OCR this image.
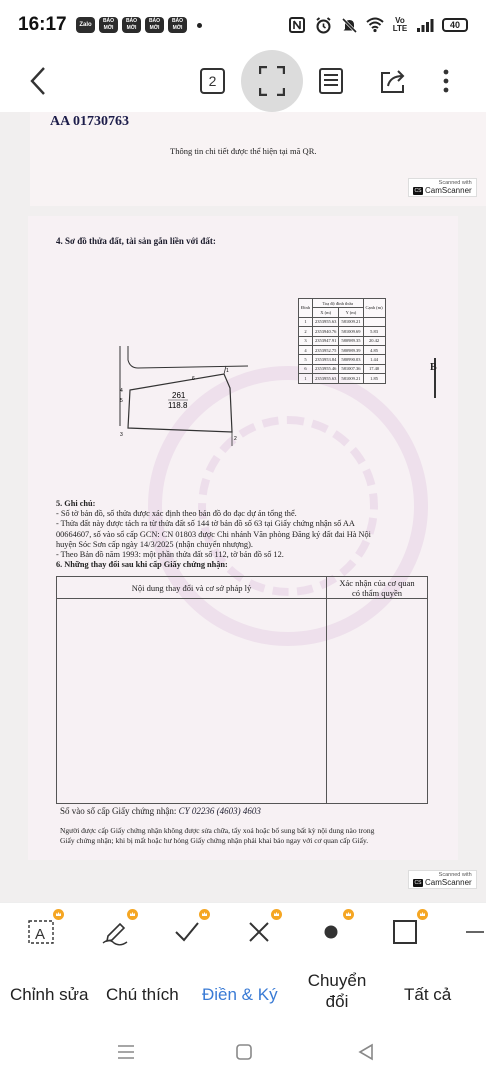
16:17	Zalo
BÁO MỚI
BÁO MỚI
BÁO MỚI
BÁO MỚI
Vo LTE	40
2
AA 01730763
Thông tin chi tiết được thể hiện tại mã QR.
Scanned with
CS CamScanner
4. Sơ đồ thửa đất, tài sản gắn liền với đất:
B
Đỉnh	Toạ độ đỉnh thửa		Cạnh (m)
	X (m)	Y (m)	
1	2353955.63	581009.21	
2	2353940.76	581009.69	5.83
3	2353947.91	580989.35	20.42
4	2353952.75	580989.39	4.85
5	2353953.84	580990.03	1.44
6	2353955.46	581007.36	17.40
1	2353955.63	581009.21	1.85
6
4
5
1
2
3
261
118.8
5. Ghi chú:
- Số tờ bản đồ, số thửa được xác định theo bản đồ đo đạc dự án tổng thể.
- Thửa đất này được tách ra từ thửa đất số 144 tờ bản đồ số 63 tại Giấy chứng nhận số AA
00664607, số vào sổ cấp GCN: CN 01803 được Chi nhánh Văn phòng Đăng ký đất đai Hà Nội
huyện Sóc Sơn cấp ngày 14/3/2025 (nhận chuyển nhượng).
- Theo Bản đồ năm 1993: một phần thửa đất số 112, tờ bản đồ số 12.
6. Những thay đổi sau khi cấp Giấy chứng nhận:
Nội dung thay đổi và cơ sở pháp lý	Xác nhận của cơ quan
có thẩm quyền

Số vào sổ cấp Giấy chứng nhận: CY 02236 (4603) 4603
Người được cấp Giấy chứng nhận không được sửa chữa, tẩy xoá hoặc bổ sung bất kỳ nội dung nào trong
Giấy chứng nhận; khi bị mất hoặc hư hỏng Giấy chứng nhận phải khai báo ngay với cơ quan cấp Giấy.
Scanned with
CS CamScanner
A
Chỉnh sửa Chú thích Điền & Ký
Chuyển
đổi	Tất cả
